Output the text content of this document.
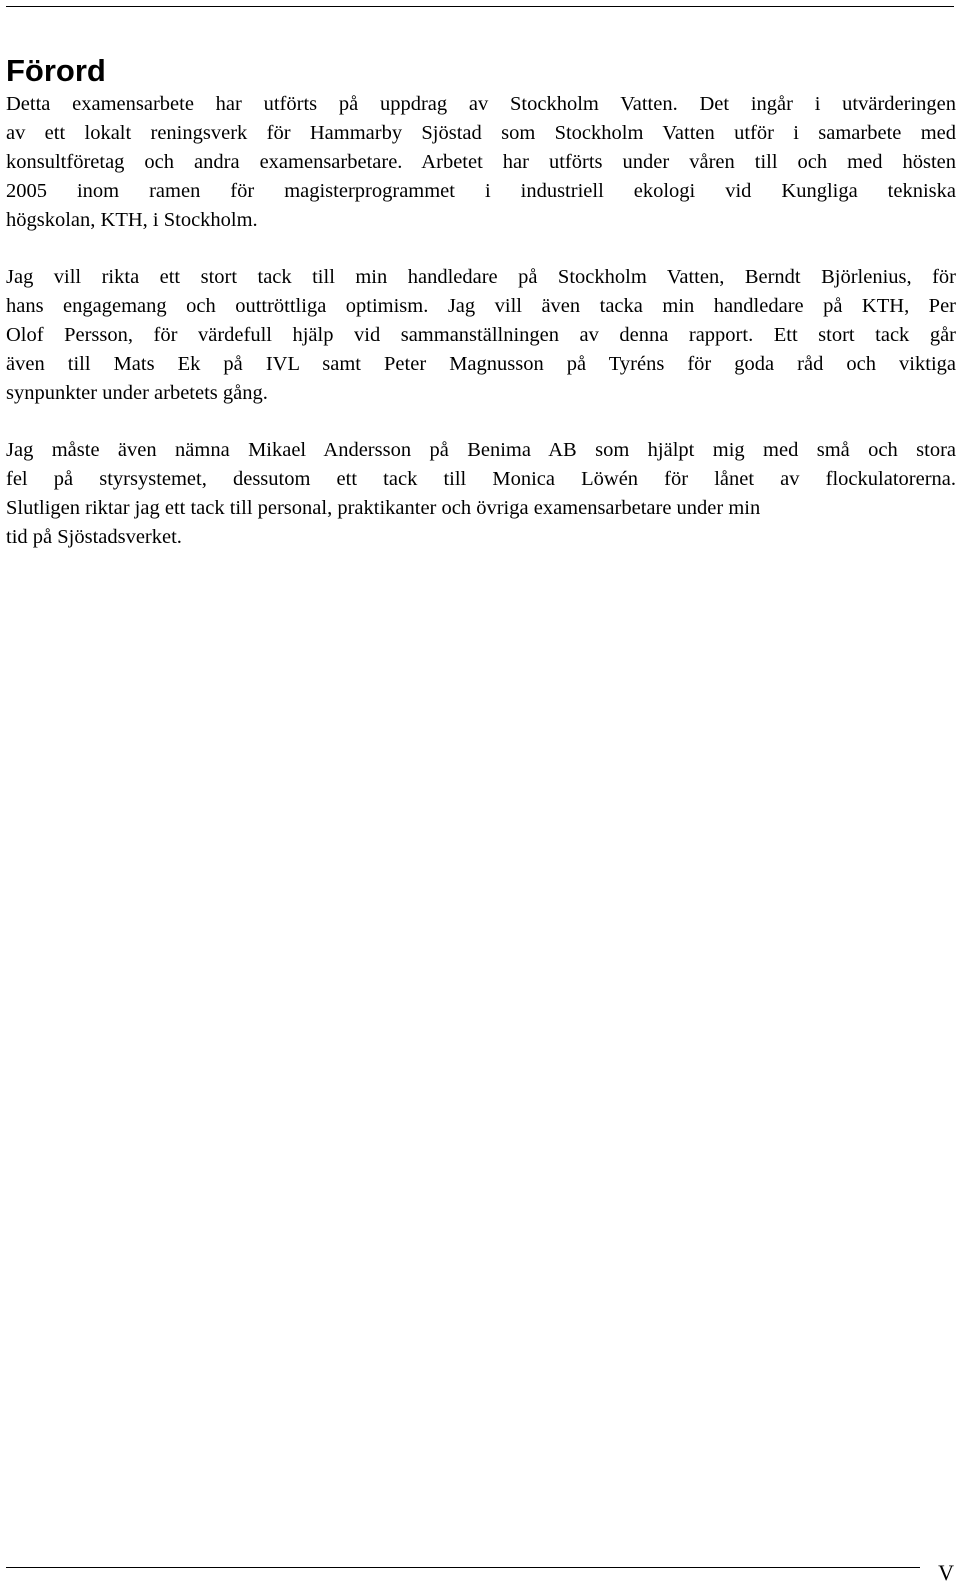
Förord
Detta examensarbete har utförts på uppdrag av Stockholm Vatten. Det ingår i utvärderingen
av ett lokalt reningsverk för Hammarby Sjöstad som Stockholm Vatten utför i samarbete med
konsultföretag och andra examensarbetare. Arbetet har utförts under våren till och med hösten
2005 inom ramen för magisterprogrammet i industriell ekologi vid Kungliga tekniska
högskolan, KTH, i Stockholm.
Jag vill rikta ett stort tack till min handledare på Stockholm Vatten, Berndt Björlenius, för
hans engagemang och outtröttliga optimism. Jag vill även tacka min handledare på KTH, Per
Olof Persson, för värdefull hjälp vid sammanställningen av denna rapport. Ett stort tack går
även till Mats Ek på IVL samt Peter Magnusson på Tyréns för goda råd och viktiga
synpunkter under arbetets gång.
Jag måste även nämna Mikael Andersson på Benima AB som hjälpt mig med små och stora
fel på styrsystemet, dessutom ett tack till Monica Löwén för lånet av flockulatorerna.
Slutligen riktar jag ett tack till personal, praktikanter och övriga examensarbetare under min
tid på Sjöstadsverket.
V
